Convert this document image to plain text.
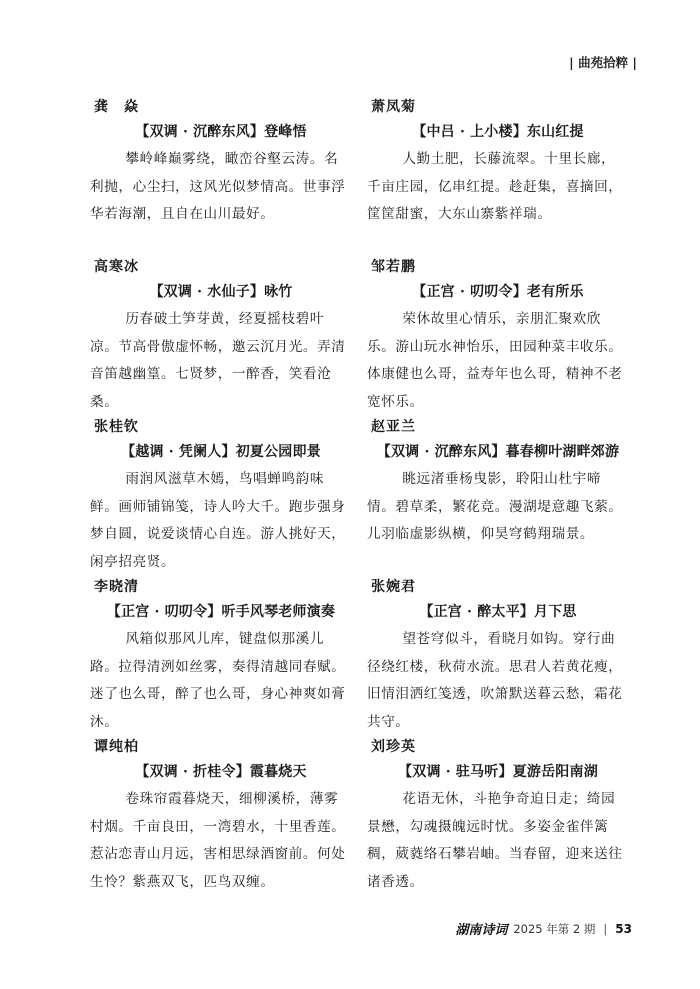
| 曲苑拾粹 |
龚　焱
【双调 · 沉醉东风】登峰悟

攀岭峰巅雾绕，瞰峦谷壑云涛。名利抛，心尘扫，这风光似梦情高。世事浮华若海潮，且自在山川最好。

高寒冰
【双调 · 水仙子】咏竹

历春破土笋芽黄，经夏摇枝碧叶凉。节高骨傲虚怀畅，邀云沉月光。弄清音笛越幽篁。七贤梦，一醉香，笑看沧桑。

张桂钦
【越调 · 凭阑人】初夏公园即景

雨润风滋草木嫣，鸟唱蝉鸣韵味鲜。画师铺锦笺，诗人吟大千。跑步强身梦自圆，说爱谈情心自连。游人挑好天，闲亭招亮贤。

李晓清
【正宫 · 叨叨令】听手风琴老师演奏

风箱似那风儿库，键盘似那溪儿路。拉得清洌如丝雾，奏得清越同春赋。迷了也么哥，醉了也么哥，身心神爽如膏沐。

谭纯柏
【双调 · 折桂令】霞暮烧天

卷珠帘霞暮烧天，细柳溪桥，薄雾村烟。千亩良田，一湾碧水，十里香莲。惹沾恋青山月远，害相思绿酒窗前。何处生怜？紫燕双飞，匹鸟双缠。

萧凤菊
【中吕 · 上小楼】东山红提

人勤土肥，长藤流翠。十里长廊，千亩庄园，亿串红提。趁赶集，喜摘回，筐筐甜蜜，大东山寨紫祥瑞。

邹若鹏
【正宫 · 叨叨令】老有所乐

荣休故里心情乐，亲朋汇聚欢欣乐。游山玩水神怡乐，田园种菜丰收乐。体康健也么哥，益寿年也么哥，精神不老宽怀乐。

赵亚兰
【双调 · 沉醉东风】暮春柳叶湖畔郊游

眺远渚垂杨曳影，聆阳山杜宇啼情。碧草柔，繁花竞。漫湖堤意趣飞萦。儿羽临虚影纵横，仰昊穹鹤翔瑞景。

张婉君
【正宫 · 醉太平】月下思

望苍穹似斗，看晓月如钩。穿行曲径绕红楼，秋荷水流。思君人若黄花瘦，旧情泪洒红笺透，吹箫默送暮云愁，霜花共守。

刘珍英
【双调 · 驻马听】夏游岳阳南湖

花语无休，斗艳争奇迫日走；绮园景懋，勾魂摄魄远时忧。多姿金雀伴篱稠，葳蕤络石攀岩岫。当春留，迎来送往诸香透。

湖南诗词 2025 年第 2 期 | 53
